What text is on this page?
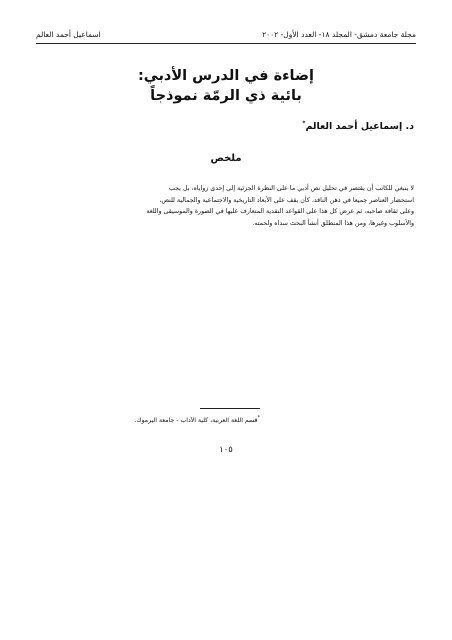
مجلة جامعة دمشق- المجلد ١٨- العدد الأول- ٢٠٠٢
اسماعيل أحمد العالم
إضاءة في الدرس الأدبي:
بائية ذي الرمّة نموذجاً
د. إسماعيل أحمد العالم*
ملخص
لا ينبغي للكاتب أن يقتصر في تحليل نص أدبي ما على النظرة الجزئية إلى إحدى زواياه، بل يجب
استحضار العناصر جميعا في ذهن الناقد، كأن يقف على الأبعاد التاريخية والاجتماعية والجمالية للنص،
وعلى ثقافة صاحبه، ثم عرض كل هذا على القواعد النقدية المتعارف عليها في الصورة والموسيقى واللغة
والأسلوب وغيرها، ومن هذا المنطلق أنشأ البحث سداه ولحمته.
*قسم اللغة العربية، كلية الآداب - جامعة اليرموك.
١٠٥
